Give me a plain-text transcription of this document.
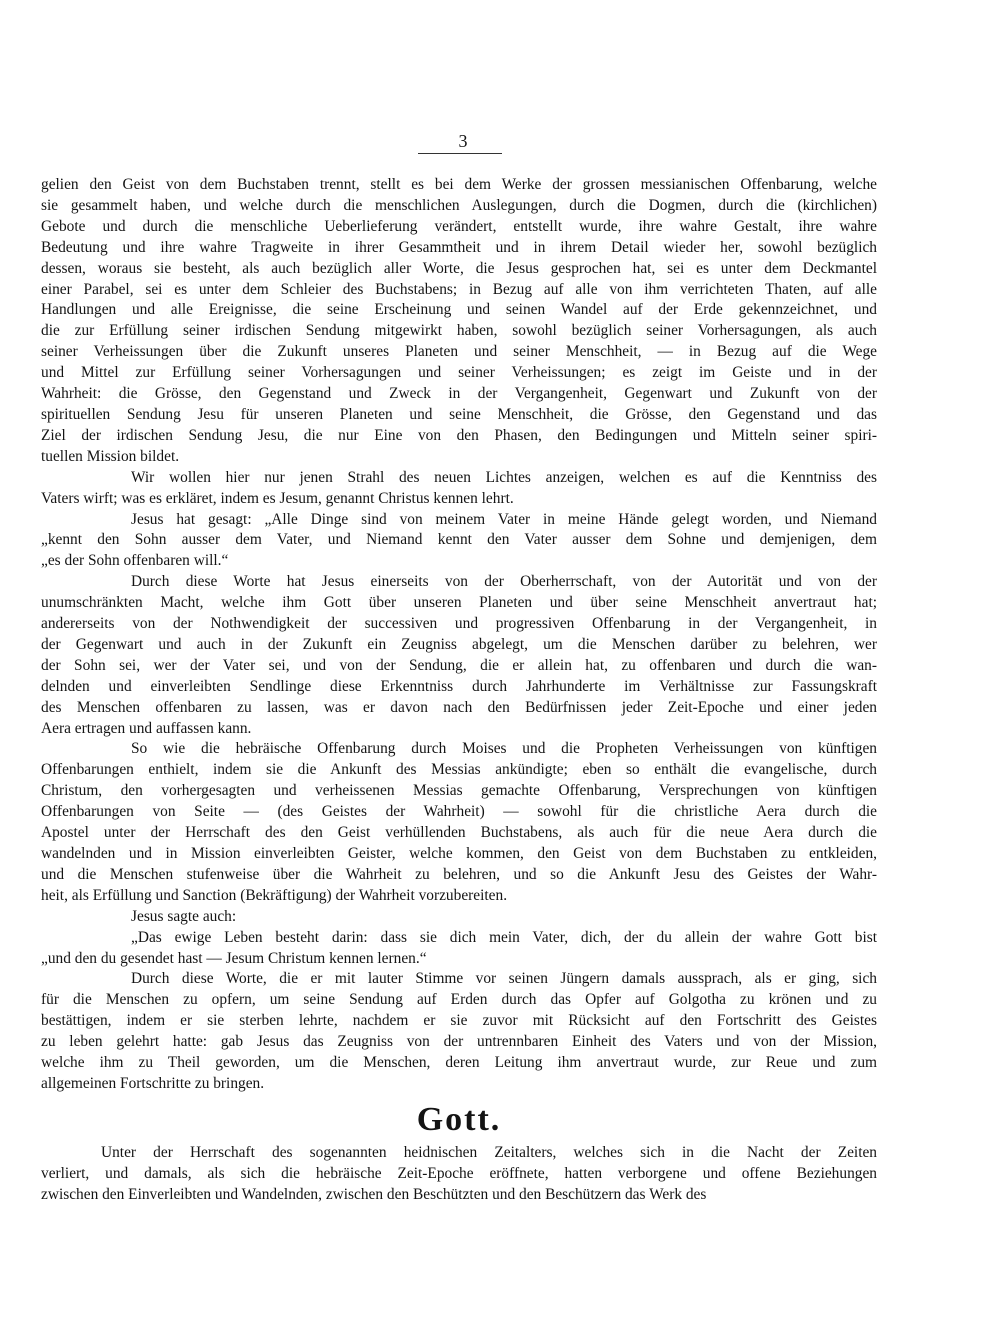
3
gelien den Geist von dem Buchstaben trennt, stellt es bei dem Werke der grossen messianischen Offenbarung, welche
sie gesammelt haben, und welche durch die menschlichen Auslegungen, durch die Dogmen, durch die (kirchlichen)
Gebote und durch die menschliche Ueberlieferung verändert, entstellt wurde, ihre wahre Gestalt, ihre wahre
Bedeutung und ihre wahre Tragweite in ihrer Gesammtheit und in ihrem Detail wieder her, sowohl bezüglich
dessen, woraus sie besteht, als auch bezüglich aller Worte, die Jesus gesprochen hat, sei es unter dem Deckmantel
einer Parabel, sei es unter dem Schleier des Buchstabens; in Bezug auf alle von ihm verrichteten Thaten, auf alle
Handlungen und alle Ereignisse, die seine Erscheinung und seinen Wandel auf der Erde gekennzeichnet, und
die zur Erfüllung seiner irdischen Sendung mitgewirkt haben, sowohl bezüglich seiner Vorhersagungen, als auch
seiner Verheissungen über die Zukunft unseres Planeten und seiner Menschheit, — in Bezug auf die Wege
und Mittel zur Erfüllung seiner Vorhersagungen und seiner Verheissungen; es zeigt im Geiste und in der
Wahrheit: die Grösse, den Gegenstand und Zweck in der Vergangenheit, Gegenwart und Zukunft von der
spirituellen Sendung Jesu für unseren Planeten und seine Menschheit, die Grösse, den Gegenstand und das
Ziel der irdischen Sendung Jesu, die nur Eine von den Phasen, den Bedingungen und Mitteln seiner spiri-
tuellen Mission bildet.
Wir wollen hier nur jenen Strahl des neuen Lichtes anzeigen, welchen es auf die Kenntniss des
Vaters wirft; was es erkläret, indem es Jesum, genannt Christus kennen lehrt.
Jesus hat gesagt: „Alle Dinge sind von meinem Vater in meine Hände gelegt worden, und Niemand
„kennt den Sohn ausser dem Vater, und Niemand kennt den Vater ausser dem Sohne und demjenigen, dem
„es der Sohn offenbaren will.“
Durch diese Worte hat Jesus einerseits von der Oberherrschaft, von der Autorität und von der
unumschränkten Macht, welche ihm Gott über unseren Planeten und über seine Menschheit anvertraut hat;
andererseits von der Nothwendigkeit der successiven und progressiven Offenbarung in der Vergangenheit, in
der Gegenwart und auch in der Zukunft ein Zeugniss abgelegt, um die Menschen darüber zu belehren, wer
der Sohn sei, wer der Vater sei, und von der Sendung, die er allein hat, zu offenbaren und durch die wan-
delnden und einverleibten Sendlinge diese Erkenntniss durch Jahrhunderte im Verhältnisse zur Fassungskraft
des Menschen offenbaren zu lassen, was er davon nach den Bedürfnissen jeder Zeit-Epoche und einer jeden
Aera ertragen und auffassen kann.
So wie die hebräische Offenbarung durch Moises und die Propheten Verheissungen von künftigen
Offenbarungen enthielt, indem sie die Ankunft des Messias ankündigte; eben so enthält die evangelische, durch
Christum, den vorhergesagten und verheissenen Messias gemachte Offenbarung, Versprechungen von künftigen
Offenbarungen von Seite — (des Geistes der Wahrheit) — sowohl für die christliche Aera durch die
Apostel unter der Herrschaft des den Geist verhüllenden Buchstabens, als auch für die neue Aera durch die
wandelnden und in Mission einverleibten Geister, welche kommen, den Geist von dem Buchstaben zu entkleiden,
und die Menschen stufenweise über die Wahrheit zu belehren, und so die Ankunft Jesu des Geistes der Wahr-
heit, als Erfüllung und Sanction (Bekräftigung) der Wahrheit vorzubereiten.
Jesus sagte auch:
„Das ewige Leben besteht darin: dass sie dich mein Vater, dich, der du allein der wahre Gott bist
„und den du gesendet hast — Jesum Christum kennen lernen.“
Durch diese Worte, die er mit lauter Stimme vor seinen Jüngern damals aussprach, als er ging, sich
für die Menschen zu opfern, um seine Sendung auf Erden durch das Opfer auf Golgotha zu krönen und zu
bestättigen, indem er sie sterben lehrte, nachdem er sie zuvor mit Rücksicht auf den Fortschritt des Geistes
zu leben gelehrt hatte: gab Jesus das Zeugniss von der untrennbaren Einheit des Vaters und von der Mission,
welche ihm zu Theil geworden, um die Menschen, deren Leitung ihm anvertraut wurde, zur Reue und zum
allgemeinen Fortschritte zu bringen.
Gott.
Unter der Herrschaft des sogenannten heidnischen Zeitalters, welches sich in die Nacht der Zeiten
verliert, und damals, als sich die hebräische Zeit-Epoche eröffnete, hatten verborgene und offene Beziehungen
zwischen den Einverleibten und Wandelnden, zwischen den Beschützten und den Beschützern das Werk des
